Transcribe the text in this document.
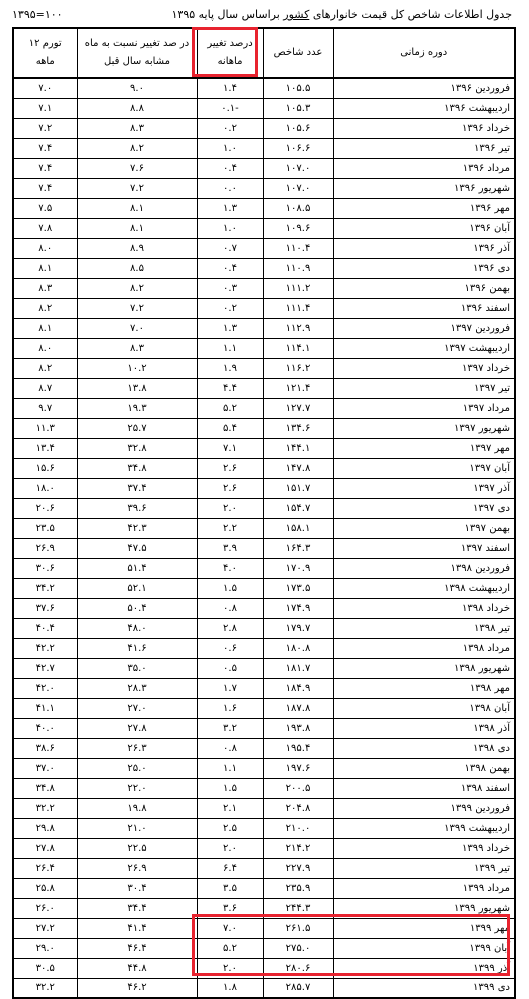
جدول اطلاعات شاخص کل قیمت خانوارهای کشور براساس سال پایه ۱۳۹۵
۱۳۹۵=۱۰۰
دوره زمانی	عدد شاخص	درصد تغییر ماهانه	در صد تغییر نسبت به ماه مشابه سال قبل	تورم ۱۲ ماهه
فروردین ۱۳۹۶	۱۰۵.۵	۱.۴	۹.۰	۷.۰
اردیبهشت ۱۳۹۶	۱۰۵.۳	-۰.۱	۸.۸	۷.۱
خرداد ۱۳۹۶	۱۰۵.۶	۰.۲	۸.۳	۷.۲
تیر ۱۳۹۶	۱۰۶.۶	۱.۰	۸.۲	۷.۴
مرداد ۱۳۹۶	۱۰۷.۰	۰.۴	۷.۶	۷.۴
شهریور ۱۳۹۶	۱۰۷.۰	۰.۰	۷.۲	۷.۴
مهر ۱۳۹۶	۱۰۸.۵	۱.۳	۸.۱	۷.۵
آبان ۱۳۹۶	۱۰۹.۶	۱.۰	۸.۱	۷.۸
آذر ۱۳۹۶	۱۱۰.۴	۰.۷	۸.۹	۸.۰
دی ۱۳۹۶	۱۱۰.۹	۰.۴	۸.۵	۸.۱
بهمن ۱۳۹۶	۱۱۱.۲	۰.۳	۸.۲	۸.۳
اسفند ۱۳۹۶	۱۱۱.۴	۰.۲	۷.۲	۸.۲
فروردین ۱۳۹۷	۱۱۲.۹	۱.۳	۷.۰	۸.۱
اردیبهشت ۱۳۹۷	۱۱۴.۱	۱.۱	۸.۳	۸.۰
خرداد ۱۳۹۷	۱۱۶.۲	۱.۹	۱۰.۲	۸.۲
تیر ۱۳۹۷	۱۲۱.۴	۴.۴	۱۳.۸	۸.۷
مرداد ۱۳۹۷	۱۲۷.۷	۵.۲	۱۹.۳	۹.۷
شهریور ۱۳۹۷	۱۳۴.۶	۵.۴	۲۵.۷	۱۱.۳
مهر ۱۳۹۷	۱۴۴.۱	۷.۱	۳۲.۸	۱۳.۴
آبان ۱۳۹۷	۱۴۷.۸	۲.۶	۳۴.۸	۱۵.۶
آذر ۱۳۹۷	۱۵۱.۷	۲.۶	۳۷.۴	۱۸.۰
دی ۱۳۹۷	۱۵۴.۷	۲.۰	۳۹.۶	۲۰.۶
بهمن ۱۳۹۷	۱۵۸.۱	۲.۲	۴۲.۳	۲۳.۵
اسفند ۱۳۹۷	۱۶۴.۳	۳.۹	۴۷.۵	۲۶.۹
فروردین ۱۳۹۸	۱۷۰.۹	۴.۰	۵۱.۴	۳۰.۶
اردیبهشت ۱۳۹۸	۱۷۳.۵	۱.۵	۵۲.۱	۳۴.۲
خرداد ۱۳۹۸	۱۷۴.۹	۰.۸	۵۰.۴	۳۷.۶
تیر ۱۳۹۸	۱۷۹.۷	۲.۸	۴۸.۰	۴۰.۴
مرداد ۱۳۹۸	۱۸۰.۸	۰.۶	۴۱.۶	۴۲.۲
شهریور ۱۳۹۸	۱۸۱.۷	۰.۵	۳۵.۰	۴۲.۷
مهر ۱۳۹۸	۱۸۴.۹	۱.۷	۲۸.۳	۴۲.۰
آبان ۱۳۹۸	۱۸۷.۸	۱.۶	۲۷.۰	۴۱.۱
آذر ۱۳۹۸	۱۹۳.۸	۳.۲	۲۷.۸	۴۰.۰
دی ۱۳۹۸	۱۹۵.۴	۰.۸	۲۶.۳	۳۸.۶
بهمن ۱۳۹۸	۱۹۷.۶	۱.۱	۲۵.۰	۳۷.۰
اسفند ۱۳۹۸	۲۰۰.۵	۱.۵	۲۲.۰	۳۴.۸
فروردین ۱۳۹۹	۲۰۴.۸	۲.۱	۱۹.۸	۳۲.۲
اردیبهشت ۱۳۹۹	۲۱۰.۰	۲.۵	۲۱.۰	۲۹.۸
خرداد ۱۳۹۹	۲۱۴.۲	۲.۰	۲۲.۵	۲۷.۸
تیر ۱۳۹۹	۲۲۷.۹	۶.۴	۲۶.۹	۲۶.۴
مرداد ۱۳۹۹	۲۳۵.۹	۳.۵	۳۰.۴	۲۵.۸
شهریور ۱۳۹۹	۲۴۴.۳	۳.۶	۳۴.۴	۲۶.۰
مهر ۱۳۹۹	۲۶۱.۵	۷.۰	۴۱.۴	۲۷.۲
آبان ۱۳۹۹	۲۷۵.۰	۵.۲	۴۶.۴	۲۹.۰
آذر ۱۳۹۹	۲۸۰.۶	۲.۰	۴۴.۸	۳۰.۵
دی ۱۳۹۹	۲۸۵.۷	۱.۸	۴۶.۲	۳۲.۲
